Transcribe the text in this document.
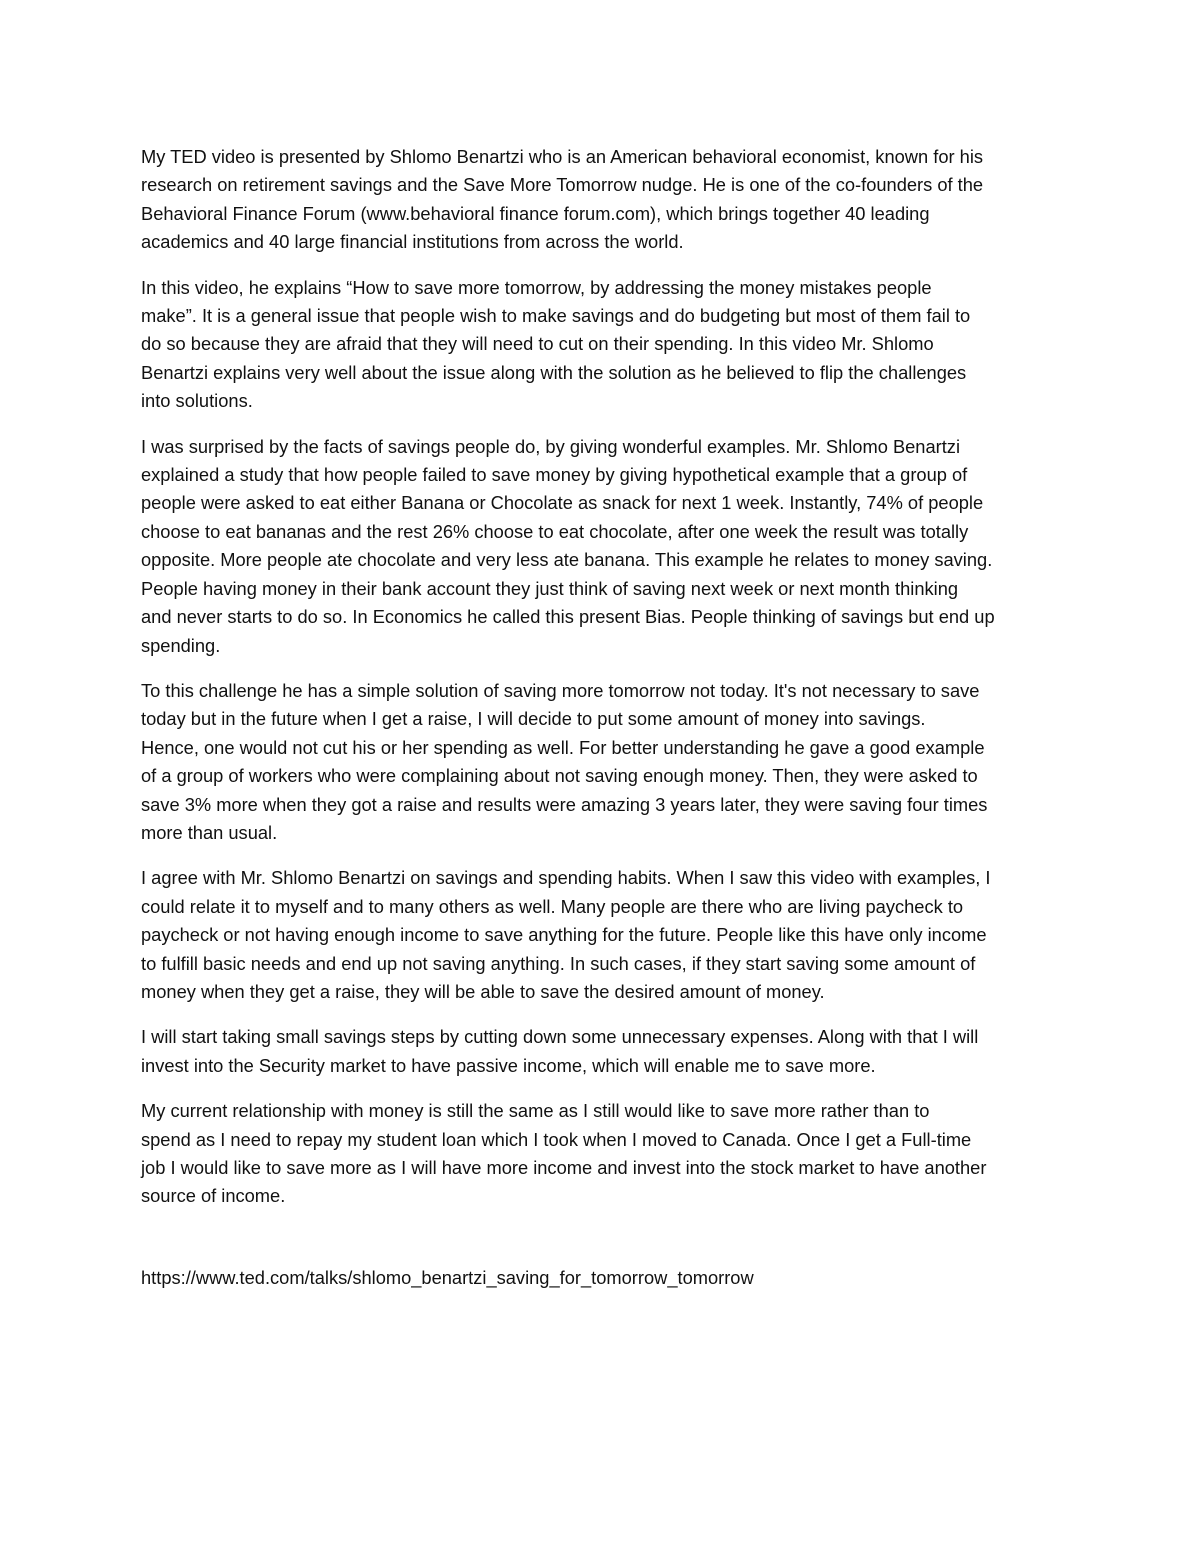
My TED video is presented by Shlomo Benartzi who is an American behavioral economist, known for his
research on retirement savings and the Save More Tomorrow nudge. He is one of the co-founders of the
Behavioral Finance Forum (www.behavioral finance forum.com), which brings together 40 leading
academics and 40 large financial institutions from across the world.

In this video, he explains “How to save more tomorrow, by addressing the money mistakes people
make”. It is a general issue that people wish to make savings and do budgeting but most of them fail to
do so because they are afraid that they will need to cut on their spending. In this video Mr. Shlomo
Benartzi explains very well about the issue along with the solution as he believed to flip the challenges
into solutions.

I was surprised by the facts of savings people do, by giving wonderful examples. Mr. Shlomo Benartzi
explained a study that how people failed to save money by giving hypothetical example that a group of
people were asked to eat either Banana or Chocolate as snack for next 1 week. Instantly, 74% of people
choose to eat bananas and the rest 26% choose to eat chocolate, after one week the result was totally
opposite. More people ate chocolate and very less ate banana. This example he relates to money saving.
People having money in their bank account they just think of saving next week or next month thinking
and never starts to do so. In Economics he called this present Bias. People thinking of savings but end up
spending.

To this challenge he has a simple solution of saving more tomorrow not today. It's not necessary to save
today but in the future when I get a raise, I will decide to put some amount of money into savings.
Hence, one would not cut his or her spending as well. For better understanding he gave a good example
of a group of workers who were complaining about not saving enough money. Then, they were asked to
save 3% more when they got a raise and results were amazing 3 years later, they were saving four times
more than usual.

I agree with Mr. Shlomo Benartzi on savings and spending habits. When I saw this video with examples, I
could relate it to myself and to many others as well. Many people are there who are living paycheck to
paycheck or not having enough income to save anything for the future. People like this have only income
to fulfill basic needs and end up not saving anything. In such cases, if they start saving some amount of
money when they get a raise, they will be able to save the desired amount of money.

I will start taking small savings steps by cutting down some unnecessary expenses. Along with that I will
invest into the Security market to have passive income, which will enable me to save more.

My current relationship with money is still the same as I still would like to save more rather than to
spend as I need to repay my student loan which I took when I moved to Canada. Once I get a Full-time
job I would like to save more as I will have more income and invest into the stock market to have another
source of income.

https://www.ted.com/talks/shlomo_benartzi_saving_for_tomorrow_tomorrow
